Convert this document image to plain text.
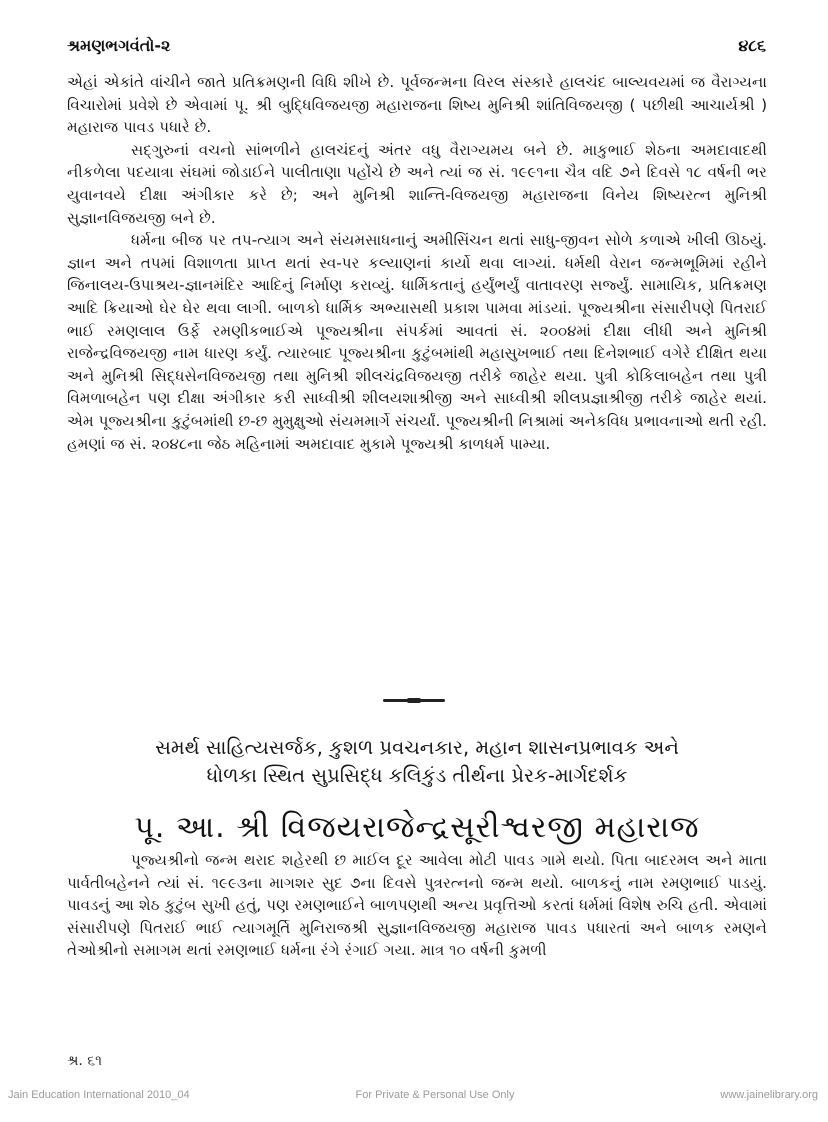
શ્રમણભગવંતો-૨	૪૮૬

એહાં એકાંતે વાંચીને જાતે પ્રતિક્રમણની વિધિ શીખે છે. પૂર્વજન્મના વિરલ સંસ્કારે હાલચંદ બાલ્યવયમાં જ વૈરાગ્યના વિચારોમાં પ્રવેશે છે એવામાં પૂ. શ્રી બુદ્ધિવિજયજી મહારાજના શિષ્ય મુનિશ્રી શાંતિવિજયજી ( પછીથી આચાર્યશ્રી ) મહારાજ પાવડ પધારે છે.

સદ્ગુરુનાં વચનો સાંભળીને હાલચંદનું અંતર વધુ વૈરાગ્યમય બને છે. માકુભાઈ શેઠના અમદાવાદથી નીકળેલા પદયાત્રા સંઘમાં જોડાઈને પાલીતાણા પહોંચે છે અને ત્યાં જ સં. ૧૯૯૧ના ચૈત્ર વદિ ૭ને દિવસે ૧૮ વર્ષની ભર યુવાનવયે દીક્ષા અંગીકાર કરે છે; અને મુનિશ્રી શાન્તિ-વિજયજી મહારાજના વિનેય શિષ્યરત્ન મુનિશ્રી સુજ્ઞાનવિજયજી બને છે.

ધર્મના બીજ પર તપ-ત્યાગ અને સંયમસાધનાનું અમીસિંચન થતાં સાધુ-જીવન સોળે કળાએ ખીલી ઊઠયું. જ્ઞાન અને તપમાં વિશાળતા પ્રાપ્ત થતાં સ્વ-પર કલ્યાણનાં કાર્યો થવા લાગ્યાં. ધર્મથી વેરાન જન્મભૂમિમાં રહીને જિનાલય-ઉપાશ્રય-જ્ઞાનમંદિર આદિનું નિર્માણ કરાવ્યું. ધાર્મિકતાનું હર્યુંભર્યું વાતાવરણ સર્જ્યું. સામાયિક, પ્રતિક્રમણ આદિ ક્રિયાઓ ઘેર ઘેર થવા લાગી. બાળકો ધાર્મિક અભ્યાસથી પ્રકાશ પામવા માંડયાં. પૂજ્યશ્રીના સંસારીપણે પિતરાઈ ભાઈ રમણલાલ ઉર્ફે રમણીકભાઈએ પૂજ્યશ્રીના સંપર્કમાં આવતાં સં. ૨૦૦૪માં દીક્ષા લીધી અને મુનિશ્રી રાજેન્દ્રવિજયજી નામ ધારણ કર્યું. ત્યારબાદ પૂજ્યશ્રીના કુટુંબમાંથી મહાસુખભાઈ તથા દિનેશભાઈ વગેરે દીક્ષિત થયા અને મુનિશ્રી સિદ્ધસેનવિજયજી તથા મુનિશ્રી શીલચંદ્રવિજયજી તરીકે જાહેર થયા. પુત્રી કોકિલાબહેન તથા પુત્રી વિમળાબહેન પણ દીક્ષા અંગીકાર કરી સાધ્વીશ્રી શીલયશાશ્રીજી અને સાધ્વીશ્રી શીલપ્રજ્ઞાશ્રીજી તરીકે જાહેર થયાં. એમ પૂજ્યશ્રીના કુટુંબમાંથી છ-છ મુમુક્ષુઓ સંયમમાર્ગે સંચર્યાં. પૂજ્યશ્રીની નિશ્રામાં અનેકવિધ પ્રભાવનાઓ થતી રહી. હમણાં જ સં. ૨૦૪૮ના જેઠ મહિનામાં અમદાવાદ મુકામે પૂજ્યશ્રી કાળધર્મ પામ્યા.

સમર્થ સાહિત્યસર્જક, કુશળ પ્રવચનકાર, મહાન શાસનપ્રભાવક અને
ધોળકા સ્થિત સુપ્રસિદ્ધ કલિકુંડ તીર્થના પ્રેરક-માર્ગદર્શક
પૂ. આ. શ્રી વિજયરાજેન્દ્રસૂરીશ્વરજી મહારાજ

પૂજ્યશ્રીનો જન્મ થરાદ શહેરથી છ માઈલ દૂર આવેલા મોટી પાવડ ગામે થયો. પિતા બાદરમલ અને માતા પાર્વતીબહેનને ત્યાં સં. ૧૯૯૩ના માગશર સુદ ૭ના દિવસે પુત્રરત્નનો જન્મ થયો. બાળકનું નામ રમણભાઈ પાડયું. પાવડનું આ શેઠ કુટુંબ સુખી હતું, પણ રમણભાઈને બાળપણથી અન્ય પ્રવૃત્તિઓ કરતાં ધર્મમાં વિશેષ રુચિ હતી. એવામાં સંસારીપણે પિતરાઈ ભાઈ ત્યાગમૂર્તિ મુનિરાજશ્રી સુજ્ઞાનવિજયજી મહારાજ પાવડ પધારતાં અને બાળક રમણને તેઓશ્રીનો સમાગમ થતાં રમણભાઈ ધર્મના રંગે રંગાઈ ગયા. માત્ર ૧૦ વર્ષની કુમળી

શ્ર. ૬૧
Jain Education International 2010_04	For Private & Personal Use Only	www.jainelibrary.org
